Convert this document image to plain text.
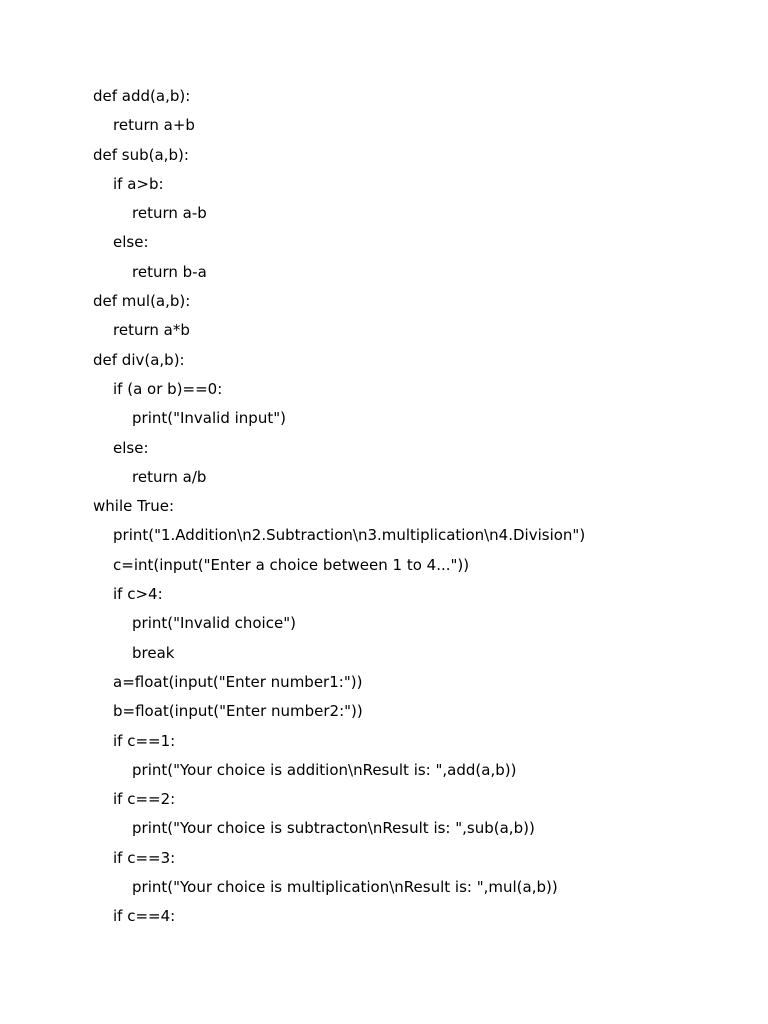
def add(a,b):
return a+b
def sub(a,b):
if a>b:
return a-b
else:
return b-a
def mul(a,b):
return a*b
def div(a,b):
if (a or b)==0:
print("Invalid input")
else:
return a/b
while True:
print("1.Addition\n2.Subtraction\n3.multiplication\n4.Division")
c=int(input("Enter a choice between 1 to 4..."))
if c>4:
print("Invalid choice")
break
a=float(input("Enter number1:"))
b=float(input("Enter number2:"))
if c==1:
print("Your choice is addition\nResult is: ",add(a,b))
if c==2:
print("Your choice is subtracton\nResult is: ",sub(a,b))
if c==3:
print("Your choice is multiplication\nResult is: ",mul(a,b))
if c==4:
